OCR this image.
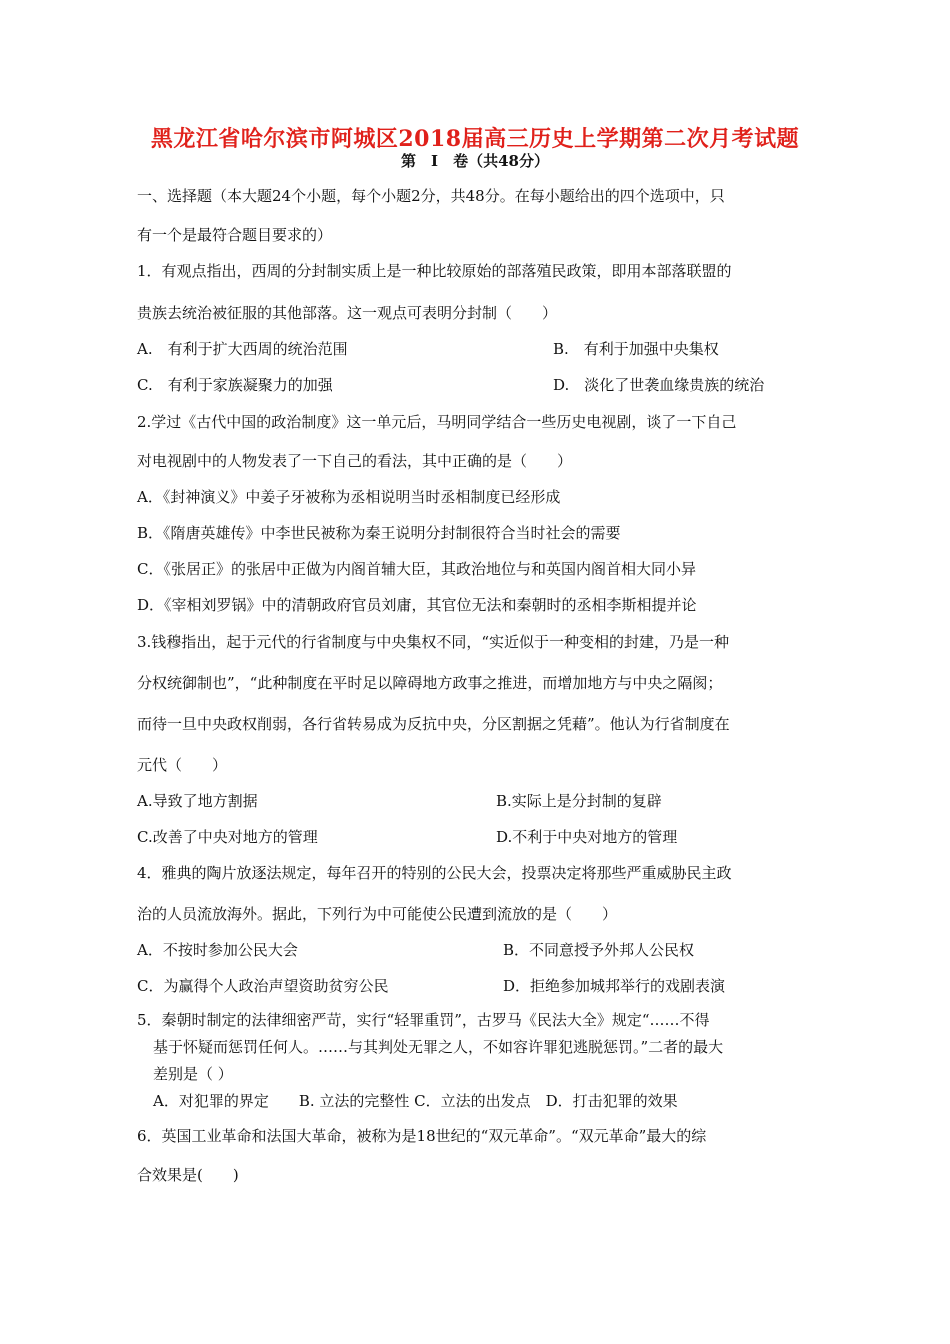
黑龙江省哈尔滨市阿城区2018届高三历史上学期第二次月考试题
第　Ⅰ　卷（共48分）
一、选择题（本大题24个小题，每个小题2分，共48分。在每小题给出的四个选项中，只
有一个是最符合题目要求的）
1．有观点指出，西周的分封制实质上是一种比较原始的部落殖民政策，即用本部落联盟的
贵族去统治被征服的其他部落。这一观点可表明分封制（　　）
A.　有利于扩大西周的统治范围	B.　有利于加强中央集权
C.　有利于家族凝聚力的加强	D.　淡化了世袭血缘贵族的统治
2.学过《古代中国的政治制度》这一单元后，马明同学结合一些历史电视剧，谈了一下自己
对电视剧中的人物发表了一下自己的看法，其中正确的是（　　）
A．《封神演义》中姜子牙被称为丞相说明当时丞相制度已经形成
B．《隋唐英雄传》中李世民被称为秦王说明分封制很符合当时社会的需要
C．《张居正》的张居中正做为内阁首辅大臣，其政治地位与和英国内阁首相大同小异
D．《宰相刘罗锅》中的清朝政府官员刘庸，其官位无法和秦朝时的丞相李斯相提并论
3.钱穆指出，起于元代的行省制度与中央集权不同，“实近似于一种变相的封建，乃是一种
分权统御制也”，“此种制度在平时足以障碍地方政事之推进，而增加地方与中央之隔阂；
而待一旦中央政权削弱，各行省转易成为反抗中央，分区割据之凭藉”。他认为行省制度在
元代（　　）
A.导致了地方割据	B.实际上是分封制的复辟
C.改善了中央对地方的管理	D.不利于中央对地方的管理
4．雅典的陶片放逐法规定，每年召开的特别的公民大会，投票决定将那些严重威胁民主政
治的人员流放海外。据此，下列行为中可能使公民遭到流放的是（　　）
A．不按时参加公民大会	B．不同意授予外邦人公民权
C．为赢得个人政治声望资助贫穷公民	D．拒绝参加城邦举行的戏剧表演
5．秦朝时制定的法律细密严苛，实行“轻罪重罚”，古罗马《民法大全》规定“……不得
基于怀疑而惩罚任何人。……与其判处无罪之人，不如容许罪犯逃脱惩罚。”二者的最大
差别是（ ）
A．对犯罪的界定　　B. 立法的完整性 C．立法的出发点　D．打击犯罪的效果
6．英国工业革命和法国大革命，被称为是18世纪的“双元革命”。“双元革命”最大的综
合效果是(　　)
